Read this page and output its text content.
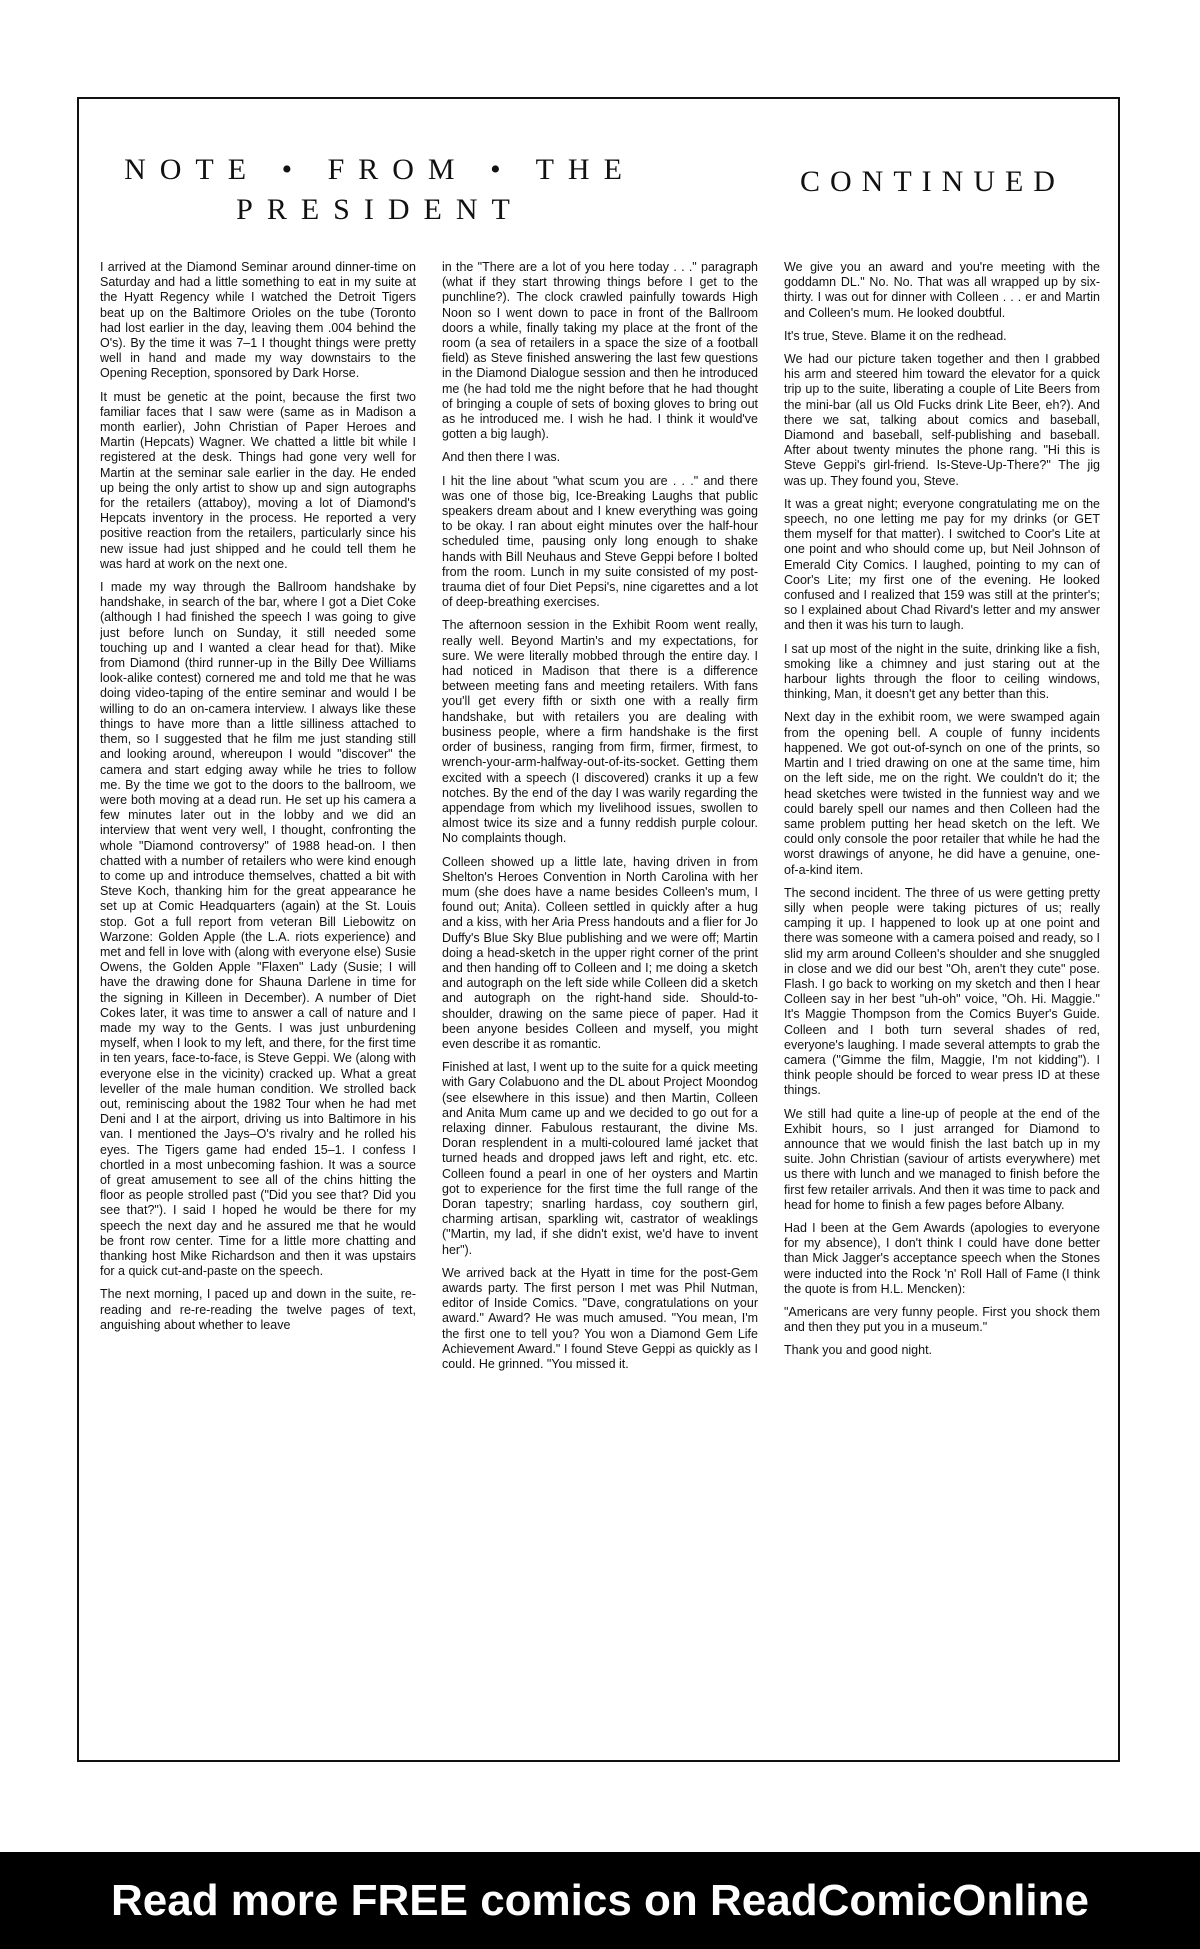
NOTE • FROM • THE
PRESIDENT
CONTINUED

I arrived at the Diamond Seminar around dinner-time on Saturday and had a little something to eat in my suite at the Hyatt Regency while I watched the Detroit Tigers beat up on the Baltimore Orioles on the tube (Toronto had lost earlier in the day, leaving them .004 behind the O's). By the time it was 7–1 I thought things were pretty well in hand and made my way downstairs to the Opening Reception, sponsored by Dark Horse.

It must be genetic at the point, because the first two familiar faces that I saw were (same as in Madison a month earlier), John Christian of Paper Heroes and Martin (Hepcats) Wagner. We chatted a little bit while I registered at the desk. Things had gone very well for Martin at the seminar sale earlier in the day. He ended up being the only artist to show up and sign autographs for the retailers (attaboy), moving a lot of Diamond's Hepcats inventory in the process. He reported a very positive reaction from the retailers, particularly since his new issue had just shipped and he could tell them he was hard at work on the next one.

I made my way through the Ballroom handshake by handshake, in search of the bar, where I got a Diet Coke (although I had finished the speech I was going to give just before lunch on Sunday, it still needed some touching up and I wanted a clear head for that). Mike from Diamond (third runner-up in the Billy Dee Williams look-alike contest) cornered me and told me that he was doing video-taping of the entire seminar and would I be willing to do an on-camera interview. I always like these things to have more than a little silliness attached to them, so I suggested that he film me just standing still and looking around, whereupon I would "discover" the camera and start edging away while he tries to follow me. By the time we got to the doors to the ballroom, we were both moving at a dead run. He set up his camera a few minutes later out in the lobby and we did an interview that went very well, I thought, confronting the whole "Diamond controversy" of 1988 head-on. I then chatted with a number of retailers who were kind enough to come up and introduce themselves, chatted a bit with Steve Koch, thanking him for the great appearance he set up at Comic Headquarters (again) at the St. Louis stop. Got a full report from veteran Bill Liebowitz on Warzone: Golden Apple (the L.A. riots experience) and met and fell in love with (along with everyone else) Susie Owens, the Golden Apple "Flaxen" Lady (Susie; I will have the drawing done for Shauna Darlene in time for the signing in Killeen in December). A number of Diet Cokes later, it was time to answer a call of nature and I made my way to the Gents. I was just unburdening myself, when I look to my left, and there, for the first time in ten years, face-to-face, is Steve Geppi. We (along with everyone else in the vicinity) cracked up. What a great leveller of the male human condition. We strolled back out, reminiscing about the 1982 Tour when he had met Deni and I at the airport, driving us into Baltimore in his van. I mentioned the Jays–O's rivalry and he rolled his eyes. The Tigers game had ended 15–1. I confess I chortled in a most unbecoming fashion. It was a source of great amusement to see all of the chins hitting the floor as people strolled past ("Did you see that? Did you see that?"). I said I hoped he would be there for my speech the next day and he assured me that he would be front row center. Time for a little more chatting and thanking host Mike Richardson and then it was upstairs for a quick cut-and-paste on the speech.

The next morning, I paced up and down in the suite, re-reading and re-re-reading the twelve pages of text, anguishing about whether to leave

in the "There are a lot of you here today . . ." paragraph (what if they start throwing things before I get to the punchline?). The clock crawled painfully towards High Noon so I went down to pace in front of the Ballroom doors a while, finally taking my place at the front of the room (a sea of retailers in a space the size of a football field) as Steve finished answering the last few questions in the Diamond Dialogue session and then he introduced me (he had told me the night before that he had thought of bringing a couple of sets of boxing gloves to bring out as he introduced me. I wish he had. I think it would've gotten a big laugh).

And then there I was.

I hit the line about "what scum you are . . ." and there was one of those big, Ice-Breaking Laughs that public speakers dream about and I knew everything was going to be okay. I ran about eight minutes over the half-hour scheduled time, pausing only long enough to shake hands with Bill Neuhaus and Steve Geppi before I bolted from the room. Lunch in my suite consisted of my post-trauma diet of four Diet Pepsi's, nine cigarettes and a lot of deep-breathing exercises.

The afternoon session in the Exhibit Room went really, really well. Beyond Martin's and my expectations, for sure. We were literally mobbed through the entire day. I had noticed in Madison that there is a difference between meeting fans and meeting retailers. With fans you'll get every fifth or sixth one with a really firm handshake, but with retailers you are dealing with business people, where a firm handshake is the first order of business, ranging from firm, firmer, firmest, to wrench-your-arm-halfway-out-of-its-socket. Getting them excited with a speech (I discovered) cranks it up a few notches. By the end of the day I was warily regarding the appendage from which my livelihood issues, swollen to almost twice its size and a funny reddish purple colour. No complaints though.

Colleen showed up a little late, having driven in from Shelton's Heroes Convention in North Carolina with her mum (she does have a name besides Colleen's mum, I found out; Anita). Colleen settled in quickly after a hug and a kiss, with her Aria Press handouts and a flier for Jo Duffy's Blue Sky Blue publishing and we were off; Martin doing a head-sketch in the upper right corner of the print and then handing off to Colleen and I; me doing a sketch and autograph on the left side while Colleen did a sketch and autograph on the right-hand side. Should-to-shoulder, drawing on the same piece of paper. Had it been anyone besides Colleen and myself, you might even describe it as romantic.

Finished at last, I went up to the suite for a quick meeting with Gary Colabuono and the DL about Project Moondog (see elsewhere in this issue) and then Martin, Colleen and Anita Mum came up and we decided to go out for a relaxing dinner. Fabulous restaurant, the divine Ms. Doran resplendent in a multi-coloured lamé jacket that turned heads and dropped jaws left and right, etc. etc. Colleen found a pearl in one of her oysters and Martin got to experience for the first time the full range of the Doran tapestry; snarling hardass, coy southern girl, charming artisan, sparkling wit, castrator of weaklings ("Martin, my lad, if she didn't exist, we'd have to invent her").

We arrived back at the Hyatt in time for the post-Gem awards party. The first person I met was Phil Nutman, editor of Inside Comics. "Dave, congratulations on your award." Award? He was much amused. "You mean, I'm the first one to tell you? You won a Diamond Gem Life Achievement Award." I found Steve Geppi as quickly as I could. He grinned. "You missed it.

We give you an award and you're meeting with the goddamn DL." No. No. That was all wrapped up by six-thirty. I was out for dinner with Colleen . . . er and Martin and Colleen's mum. He looked doubtful.

It's true, Steve. Blame it on the redhead.

We had our picture taken together and then I grabbed his arm and steered him toward the elevator for a quick trip up to the suite, liberating a couple of Lite Beers from the mini-bar (all us Old Fucks drink Lite Beer, eh?). And there we sat, talking about comics and baseball, Diamond and baseball, self-publishing and baseball. After about twenty minutes the phone rang. "Hi this is Steve Geppi's girl-friend. Is-Steve-Up-There?" The jig was up. They found you, Steve.

It was a great night; everyone congratulating me on the speech, no one letting me pay for my drinks (or GET them myself for that matter). I switched to Coor's Lite at one point and who should come up, but Neil Johnson of Emerald City Comics. I laughed, pointing to my can of Coor's Lite; my first one of the evening. He looked confused and I realized that 159 was still at the printer's; so I explained about Chad Rivard's letter and my answer and then it was his turn to laugh.

I sat up most of the night in the suite, drinking like a fish, smoking like a chimney and just staring out at the harbour lights through the floor to ceiling windows, thinking, Man, it doesn't get any better than this.

Next day in the exhibit room, we were swamped again from the opening bell. A couple of funny incidents happened. We got out-of-synch on one of the prints, so Martin and I tried drawing on one at the same time, him on the left side, me on the right. We couldn't do it; the head sketches were twisted in the funniest way and we could barely spell our names and then Colleen had the same problem putting her head sketch on the left. We could only console the poor retailer that while he had the worst drawings of anyone, he did have a genuine, one-of-a-kind item.

The second incident. The three of us were getting pretty silly when people were taking pictures of us; really camping it up. I happened to look up at one point and there was someone with a camera poised and ready, so I slid my arm around Colleen's shoulder and she snuggled in close and we did our best "Oh, aren't they cute" pose. Flash. I go back to working on my sketch and then I hear Colleen say in her best "uh-oh" voice, "Oh. Hi. Maggie." It's Maggie Thompson from the Comics Buyer's Guide. Colleen and I both turn several shades of red, everyone's laughing. I made several attempts to grab the camera ("Gimme the film, Maggie, I'm not kidding"). I think people should be forced to wear press ID at these things.

We still had quite a line-up of people at the end of the Exhibit hours, so I just arranged for Diamond to announce that we would finish the last batch up in my suite. John Christian (saviour of artists everywhere) met us there with lunch and we managed to finish before the first few retailer arrivals. And then it was time to pack and head for home to finish a few pages before Albany.

Had I been at the Gem Awards (apologies to everyone for my absence), I don't think I could have done better than Mick Jagger's acceptance speech when the Stones were inducted into the Rock 'n' Roll Hall of Fame (I think the quote is from H.L. Mencken):

"Americans are very funny people. First you shock them and then they put you in a museum."

Thank you and good night.

Read more FREE comics on ReadComicOnline
